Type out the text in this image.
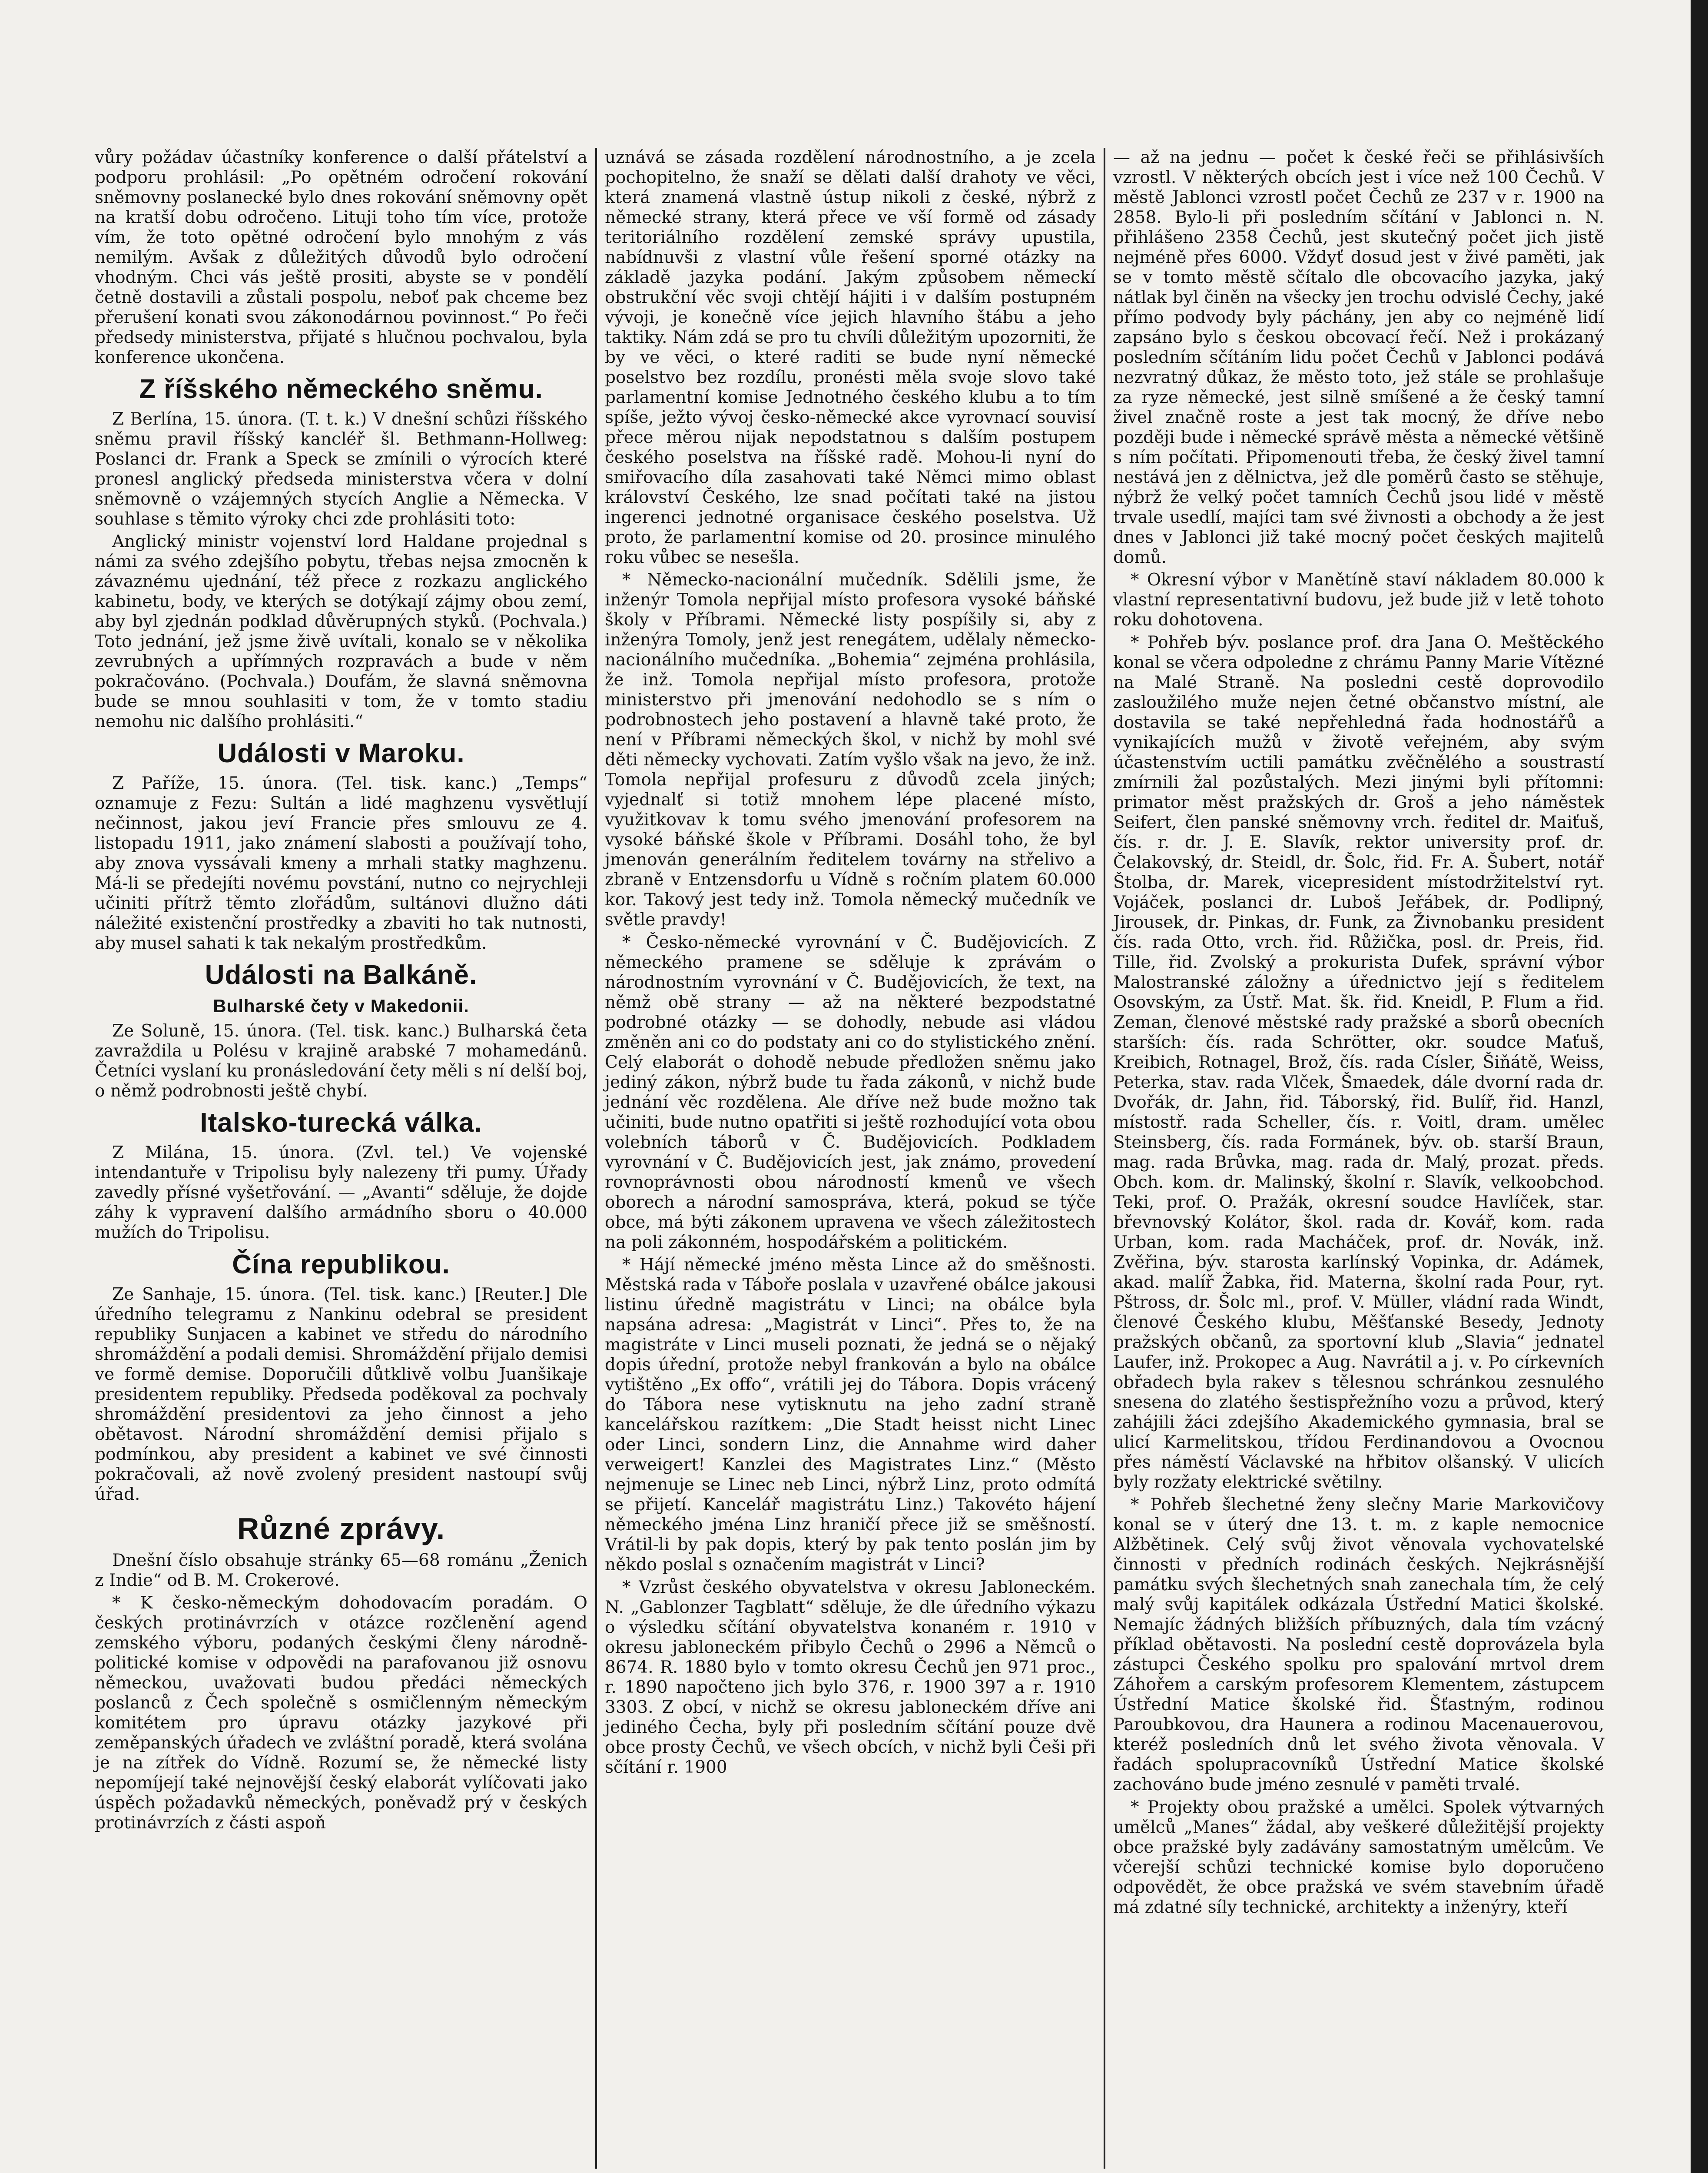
vůry požádav účastníky konference o další přátelství a podporu prohlásil: „Po opětném odročení rokování sněmovny poslanecké bylo dnes rokování sněmovny opět na kratší dobu odročeno. Lituji toho tím více, protože vím, že toto opětné odročení bylo mnohým z vás nemilým. Avšak z důležitých důvodů bylo odročení vhodným. Chci vás ještě prositi, abyste se v pondělí četně dostavili a zůstali pospolu, neboť pak chceme bez přerušení konati svou zákonodárnou povinnost.“ Po řeči předsedy ministerstva, přijaté s hlučnou pochvalou, byla konference ukončena.

Z říšského německého sněmu.

Z Berlína, 15. února. (T. t. k.) V dnešní schůzi říšského sněmu pravil říšský kancléř šl. Bethmann-Hollweg: Poslanci dr. Frank a Speck se zmínili o výrocích které pronesl anglický předseda ministerstva včera v dolní sněmovně o vzájemných stycích Anglie a Německa. V souhlase s těmito výroky chci zde prohlásiti toto:

Anglický ministr vojenství lord Haldane projednal s námi za svého zdejšího pobytu, třebas nejsa zmocněn k závaznému ujednání, též přece z rozkazu anglického kabinetu, body, ve kterých se dotýkají zájmy obou zemí, aby byl zjednán podklad důvěrupných styků. (Pochvala.) Toto jednání, jež jsme živě uvítali, konalo se v několika zevrubných a upřímných rozpravách a bude v něm pokračováno. (Pochvala.) Doufám, že slavná sněmovna bude se mnou souhlasiti v tom, že v tomto stadiu nemohu nic dalšího prohlásiti.“

Události v Maroku.

Z Paříže, 15. února. (Tel. tisk. kanc.) „Temps“ oznamuje z Fezu: Sultán a lidé maghzenu vysvětlují nečinnost, jakou jeví Francie přes smlouvu ze 4. listopadu 1911, jako známení slabosti a používají toho, aby znova vyssávali kmeny a mrhali statky maghzenu. Má-li se předejíti novému povstání, nutno co nejrychleji učiniti přítrž těmto zlořádům, sultánovi dlužno dáti náležité existenční prostředky a zbaviti ho tak nutnosti, aby musel sahati k tak nekalým prostředkům.

Události na Balkáně.
Bulharské čety v Makedonii.

Ze Soluně, 15. února. (Tel. tisk. kanc.) Bulharská četa zavraždila u Polésu v krajině arabské 7 mohamedánů. Četníci vyslaní ku pronásledování čety měli s ní delší boj, o němž podrobnosti ještě chybí.

Italsko-turecká válka.

Z Milána, 15. února. (Zvl. tel.) Ve vojenské intendantuře v Tripolisu byly nalezeny tři pumy. Úřady zavedly přísné vyšetřování. — „Avanti“ sděluje, že dojde záhy k vypravení dalšího armádního sboru o 40.000 mužích do Tripolisu.

Čína republikou.

Ze Sanhaje, 15. února. (Tel. tisk. kanc.) [Reuter.] Dle úředního telegramu z Nankinu odebral se president republiky Sunjacen a kabinet ve středu do národního shromáždění a podali demisi. Shromáždění přijalo demisi ve formě demise. Doporučili důtklivě volbu Juanšikaje presidentem republiky. Předseda poděkoval za pochvaly shromáždění presidentovi za jeho činnost a jeho obětavost. Národní shromáždění demisi přijalo s podmínkou, aby president a kabinet ve své činnosti pokračovali, až nově zvolený president nastoupí svůj úřad.

Různé zprávy.

Dnešní číslo obsahuje stránky 65—68 románu „Ženich z Indie“ od B. M. Crokerové.

* K česko-německým dohodovacím poradám. O českých protinávrzích v otázce rozčlenění agend zemského výboru, podaných českými členy národně-politické komise v odpovědi na parafovanou již osnovu německou, uvažovati budou předáci německých poslanců z Čech společně s osmičlenným německým komitétem pro úpravu otázky jazykové při zeměpanských úřadech ve zvláštní poradě, která svolána je na zítřek do Vídně. Rozumí se, že německé listy nepomíjejí také nejnovější český elaborát vylíčovati jako úspěch požadavků německých, poněvadž prý v českých protinávrzích z části aspoň

uznává se zásada rozdělení národnostního, a je zcela pochopitelno, že snaží se dělati další drahoty ve věci, která znamená vlastně ústup nikoli z české, nýbrž z německé strany, která přece ve vší formě od zásady teritoriálního rozdělení zemské správy upustila, nabídnuvši z vlastní vůle řešení sporné otázky na základě jazyka podání. Jakým způsobem německí obstrukční věc svoji chtějí hájiti i v dalším postupném vývoji, je konečně více jejich hlavního štábu a jeho taktiky. Nám zdá se pro tu chvíli důležitým upozorniti, že by ve věci, o které raditi se bude nyní německé poselstvo bez rozdílu, pronésti měla svoje slovo také parlamentní komise Jednotného českého klubu a to tím spíše, ježto vývoj česko-německé akce vyrovnací souvisí přece měrou nijak nepodstatnou s dalším postupem českého poselstva na říšské radě. Mohou-li nyní do smiřovacího díla zasahovati také Němci mimo oblast království Českého, lze snad počítati také na jistou ingerenci jednotné organisace českého poselstva. Už proto, že parlamentní komise od 20. prosince minulého roku vůbec se nesešla.

* Německo-nacionální mučedník. Sdělili jsme, že inženýr Tomola nepřijal místo profesora vysoké báňské školy v Příbrami. Německé listy pospíšily si, aby z inženýra Tomoly, jenž jest renegátem, udělaly německo-nacionálního mučedníka. „Bohemia“ zejména prohlásila, že inž. Tomola nepřijal místo profesora, protože ministerstvo při jmenování nedohodlo se s ním o podrobnostech jeho postavení a hlavně také proto, že není v Příbrami německých škol, v nichž by mohl své děti německy vychovati. Zatím vyšlo však na jevo, že inž. Tomola nepřijal profesuru z důvodů zcela jiných; vyjednalť si totiž mnohem lépe placené místo, využitkovav k tomu svého jmenování profesorem na vysoké báňské škole v Příbrami. Dosáhl toho, že byl jmenován generálním ředitelem továrny na střelivo a zbraně v Entzensdorfu u Vídně s ročním platem 60.000 kor. Takový jest tedy inž. Tomola německý mučedník ve světle pravdy!

* Česko-německé vyrovnání v Č. Budějovicích. Z německého pramene se sděluje k zprávám o národnostním vyrovnání v Č. Budějovicích, že text, na němž obě strany — až na některé bezpodstatné podrobné otázky — se dohodly, nebude asi vládou změněn ani co do podstaty ani co do stylistického znění. Celý elaborát o dohodě nebude předložen sněmu jako jediný zákon, nýbrž bude tu řada zákonů, v nichž bude jednání věc rozdělena. Ale dříve než bude možno tak učiniti, bude nutno opatřiti si ještě rozhodující vota obou volebních táborů v Č. Budějovicích. Podkladem vyrovnání v Č. Budějovicích jest, jak známo, provedení rovnoprávnosti obou národností kmenů ve všech oborech a národní samospráva, která, pokud se týče obce, má býti zákonem upravena ve všech záležitostech na poli zákonném, hospodářském a politickém.

* Hájí německé jméno města Lince až do směšnosti. Městská rada v Táboře poslala v uzavřené obálce jakousi listinu úředně magistrátu v Linci; na obálce byla napsána adresa: „Magistrát v Linci“. Přes to, že na magistráte v Linci museli poznati, že jedná se o nějaký dopis úřední, protože nebyl frankován a bylo na obálce vytištěno „Ex offo“, vrátili jej do Tábora. Dopis vrácený do Tábora nese vytisknutu na jeho zadní straně kancelářskou razítkem: „Die Stadt heisst nicht Linec oder Linci, sondern Linz, die Annahme wird daher verweigert! Kanzlei des Magistrates Linz.“ (Město nejmenuje se Linec neb Linci, nýbrž Linz, proto odmítá se přijetí. Kancelář magistrátu Linz.) Takovéto hájení německého jména Linz hraničí přece již se směšností. Vrátil-li by pak dopis, který by pak tento poslán jim by někdo poslal s označením magistrát v Linci?

* Vzrůst českého obyvatelstva v okresu Jabloneckém. N. „Gablonzer Tagblatt“ sděluje, že dle úředního výkazu o výsledku sčítání obyvatelstva konaném r. 1910 v okresu jabloneckém přibylo Čechů o 2996 a Němců o 8674. R. 1880 bylo v tomto okresu Čechů jen 971 proc., r. 1890 napočteno jich bylo 376, r. 1900 397 a r. 1910 3303. Z obcí, v nichž se okresu jabloneckém dříve ani jediného Čecha, byly při posledním sčítání pouze dvě obce prosty Čechů, ve všech obcích, v nichž byli Češi při sčítání r. 1900

— až na jednu — počet k české řeči se přihlásivších vzrostl. V některých obcích jest i více než 100 Čechů. V městě Jablonci vzrostl počet Čechů ze 237 v r. 1900 na 2858. Bylo-li při posledním sčítání v Jablonci n. N. přihlášeno 2358 Čechů, jest skutečný počet jich jistě nejméně přes 6000. Vždyť dosud jest v živé paměti, jak se v tomto městě sčítalo dle obcovacího jazyka, jaký nátlak byl činěn na všecky jen trochu odvislé Čechy, jaké přímo podvody byly páchány, jen aby co nejméně lidí zapsáno bylo s českou obcovací řečí. Než i prokázaný posledním sčítáním lidu počet Čechů v Jablonci podává nezvratný důkaz, že město toto, jež stále se prohlašuje za ryze německé, jest silně smíšené a že český tamní živel značně roste a jest tak mocný, že dříve nebo později bude i německé správě města a německé většině s ním počítati. Připomenouti třeba, že český živel tamní nestává jen z dělnictva, jež dle poměrů často se stěhuje, nýbrž že velký počet tamních Čechů jsou lidé v městě trvale usedlí, majíci tam své živnosti a obchody a že jest dnes v Jablonci již také mocný počet českých majitelů domů.

* Okresní výbor v Manětíně staví nákladem 80.000 k vlastní representativní budovu, jež bude již v letě tohoto roku dohotovena.

* Pohřeb býv. poslance prof. dra Jana O. Meštěckého konal se včera odpoledne z chrámu Panny Marie Vítězné na Malé Straně. Na posledni cestě doprovodilo zasloužilého muže nejen četné občanstvo místní, ale dostavila se také nepřehledná řada hodnostářů a vynikajících mužů v životě veřejném, aby svým účastenstvím uctili památku zvěčnělého a soustrastí zmírnili žal pozůstalých. Mezi jinými byli přítomni: primator měst pražských dr. Groš a jeho náměstek Seifert, člen panské sněmovny vrch. ředitel dr. Maiťuš, čís. r. dr. J. E. Slavík, rektor university prof. dr. Čelakovský, dr. Steidl, dr. Šolc, řid. Fr. A. Šubert, notář Štolba, dr. Marek, vicepresident místodržitelství ryt. Vojáček, poslanci dr. Luboš Jeřábek, dr. Podlipný, Jirousek, dr. Pinkas, dr. Funk, za Živnobanku president čís. rada Otto, vrch. řid. Růžička, posl. dr. Preis, řid. Tille, řid. Zvolský a prokurista Dufek, správní výbor Malostranské záložny a úřednictvo její s ředitelem Osovským, za Ústř. Mat. šk. řid. Kneidl, P. Flum a řid. Zeman, členové městské rady pražské a sborů obecních starších: čís. rada Schrötter, okr. soudce Maťuš, Kreibich, Rotnagel, Brož, čís. rada Císler, Šiňátě, Weiss, Peterka, stav. rada Vlček, Šmaedek, dále dvorní rada dr. Dvořák, dr. Jahn, řid. Táborský, řid. Bulíř, řid. Hanzl, místostř. rada Scheller, čís. r. Voitl, dram. umělec Steinsberg, čís. rada Formánek, býv. ob. starší Braun, mag. rada Brůvka, mag. rada dr. Malý, prozat. předs. Obch. kom. dr. Malinský, školní r. Slavík, velkoobchod. Teki, prof. O. Pražák, okresní soudce Havlíček, star. břevnovský Kolátor, škol. rada dr. Kovář, kom. rada Urban, kom. rada Macháček, prof. dr. Novák, inž. Zvěřina, býv. starosta karlínský Vopinka, dr. Adámek, akad. malíř Žabka, řid. Materna, školní rada Pour, ryt. Pštross, dr. Šolc ml., prof. V. Müller, vládní rada Windt, členové Českého klubu, Měšťanské Besedy, Jednoty pražských občanů, za sportovní klub „Slavia“ jednatel Laufer, inž. Prokopec a Aug. Navrátil a j. v. Po církevních obřadech byla rakev s tělesnou schránkou zesnulého snesena do zlatého šestispřežního vozu a průvod, který zahájili žáci zdejšího Akademického gymnasia, bral se ulicí Karmelitskou, třídou Ferdinandovou a Ovocnou přes náměstí Václavské na hřbitov olšanský. V ulicích byly rozžaty elektrické světilny.

* Pohřeb šlechetné ženy slečny Marie Markovičovy konal se v úterý dne 13. t. m. z kaple nemocnice Alžbětinek. Celý svůj život věnovala vychovatelské činnosti v předních rodinách českých. Nejkrásnější památku svých šlechetných snah zanechala tím, že celý malý svůj kapitálek odkázala Ústřední Matici školské. Nemajíc žádných bližších příbuzných, dala tím vzácný příklad obětavosti. Na poslední cestě doprovázela byla zástupci Českého spolku pro spalování mrtvol drem Záhořem a carským profesorem Klementem, zástupcem Ústřední Matice školské řid. Šťastným, rodinou Paroubkovou, dra Haunera a rodinou Macenauerovou, kteréž posledních dnů let svého života věnovala. V řadách spolupracovníků Ústřední Matice školské zachováno bude jméno zesnulé v paměti trvalé.

* Projekty obou pražské a umělci. Spolek výtvarných umělců „Manes“ žádal, aby veškeré důležitější projekty obce pražské byly zadávány samostatným umělcům. Ve včerejší schůzi technické komise bylo doporučeno odpovědět, že obce pražská ve svém stavebním úřadě má zdatné síly technické, architekty a inženýry, kteří
